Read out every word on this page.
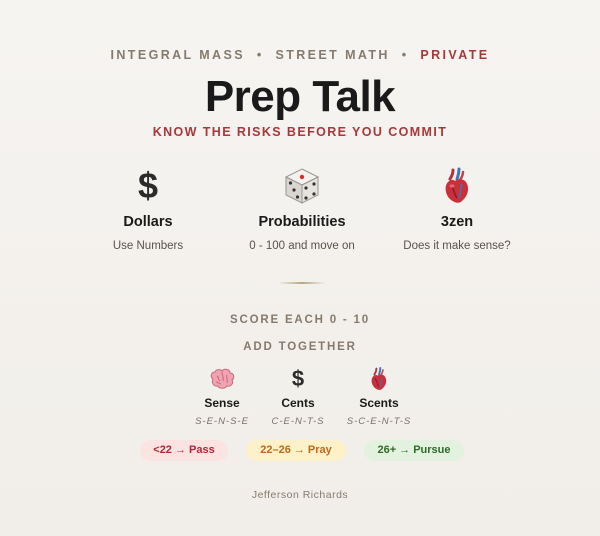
INTEGRAL MASS • STREET MATH • PRIVATE
Prep Talk
KNOW THE RISKS BEFORE YOU COMMIT
$
Dollars
Use Numbers
Probabilities
0 - 100 and move on
3zen
Does it make sense?
SCORE EACH 0 - 10
ADD TOGETHER
Sense
S-E-N-S-E
$
Cents
C-E-N-T-S
Scents
S-C-E-N-T-S
<22 → Pass	22–26 → Pray	26+ → Pursue
Jefferson Richards
